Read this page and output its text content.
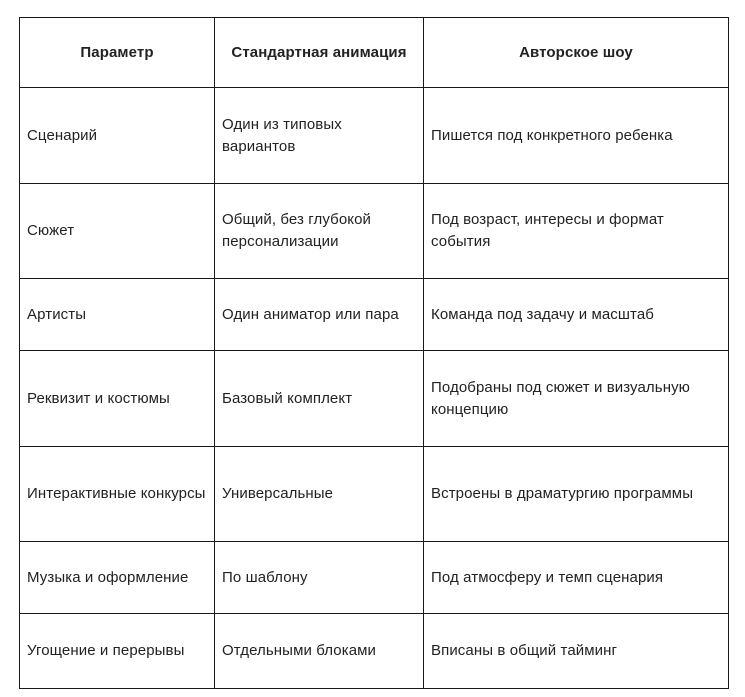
Параметр	Стандартная анимация	Авторское шоу
Сценарий	Один из типовых вариантов	Пишется под конкретного ребенка
Сюжет	Общий, без глубокой персонализации	Под возраст, интересы и формат события
Артисты	Один аниматор или пара	Команда под задачу и масштаб
Реквизит и костюмы	Базовый комплект	Подобраны под сюжет и визуальную концепцию
Интерактивные конкурсы	Универсальные	Встроены в драматургию программы
Музыка и оформление	По шаблону	Под атмосферу и темп сценария
Угощение и перерывы	Отдельными блоками	Вписаны в общий тайминг
